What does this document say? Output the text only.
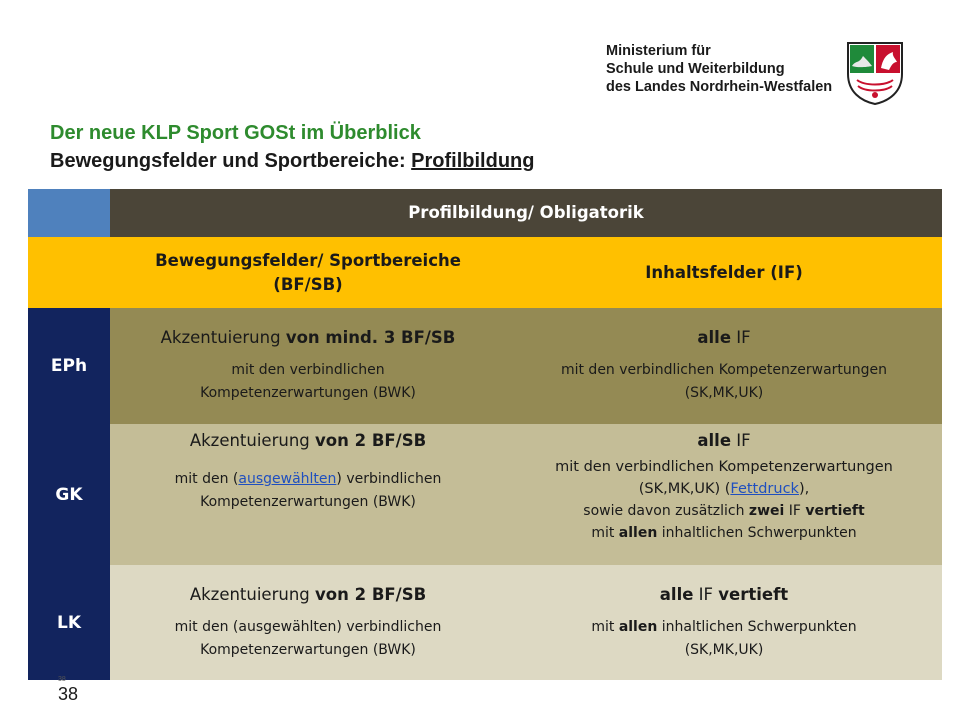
Ministerium für
Schule und Weiterbildung
des Landes Nordrhein-Westfalen
Der neue KLP Sport GOSt im Überblick
Bewegungsfelder und Sportbereiche: Profilbildung
Profilbildung/ Obligatorik
Bewegungsfelder/ Sportbereiche (BF/SB)
Inhaltsfelder (IF)
EPh
Akzentuierung von mind. 3 BF/SB
mit den verbindlichen
Kompetenzerwartungen (BWK)
alle IF
mit den verbindlichen Kompetenzerwartungen
(SK,MK,UK)
GK
Akzentuierung von 2 BF/SB
mit den (ausgewählten) verbindlichen
Kompetenzerwartungen (BWK)
alle IF
mit den verbindlichen Kompetenzerwartungen
(SK,MK,UK) (Fettdruck),
sowie davon zusätzlich zwei IF vertieft
mit allen inhaltlichen Schwerpunkten
LK
Akzentuierung von 2 BF/SB
mit den (ausgewählten) verbindlichen
Kompetenzerwartungen (BWK)
alle IF vertieft
mit allen inhaltlichen Schwerpunkten
(SK,MK,UK)
38
38
